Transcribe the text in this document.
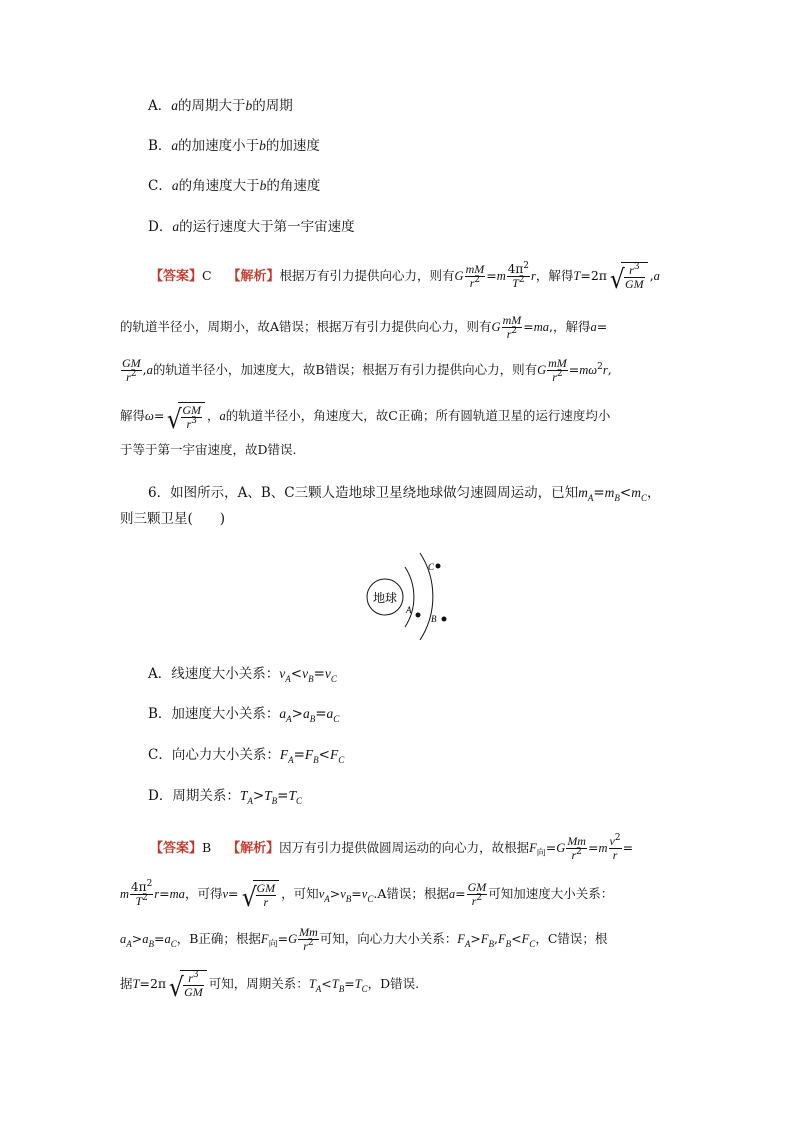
A．a的周期大于b的周期
B．a的加速度小于b的加速度
C．a的角速度大于b的角速度
D．a的运行速度大于第一宇宙速度
【答案】C 【解析】根据万有引力提供向心力，则有G $\frac{mM}{r^2} =m \frac{4\pi^2}{T^2}$ r，解得T=2π √ $\frac{r^3}{GM} ,a$
的轨道半径小，周期小，故A错误；根据万有引力提供向心力，则有G $\frac{mM}{r^2} =ma$,，解得a=
$\frac{GM}{r^2} ,a$的轨道半径小，加速度大，故B错误；根据万有引力提供向心力，则有G $\frac{mM}{r^2} =m\omega^2r$,
解得ω= √ $\frac{GM}{r^3}$ ，a的轨道半径小，角速度大，故C正确；所有圆轨道卫星的运行速度均小
于等于第一宇宙速度，故D错误.
6．如图所示，A、B、C三颗人造地球卫星绕地球做匀速圆周运动，已知$m_A=m_B<m_C$，
则三颗卫星(　　)
地球
A
B
C
A．线速度大小关系：$v_A<v_B=v_C$
B．加速度大小关系：$a_A>a_B=a_C$
C．向心力大小关系：$F_A=F_B<F_C$
D．周期关系：$T_A>T_B=T_C$
【答案】B 【解析】因万有引力提供做圆周运动的向心力，故根据$F_向=G \frac{Mm}{r^2} =m \frac{v^2}{r}$ =
m $\frac{4\pi^2}{T^2} r=ma$，可得v= √ $\frac{GM}{r}$ ，可知$v_A>v_B=v_C.A$错误；根据$a= \frac{GM}{r^2}$ 可知加速度大小关系：
$a_A>a_B=a_C$，B正确；根据$F_向=G \frac{Mm}{r^2}$ 可知，向心力大小关系：$F_A>F_B,F_B<F_C$，C错误；根
据T=2π √ $\frac{r^3}{GM}$ 可知，周期关系：$T_A<T_B=T_C$，D错误.
